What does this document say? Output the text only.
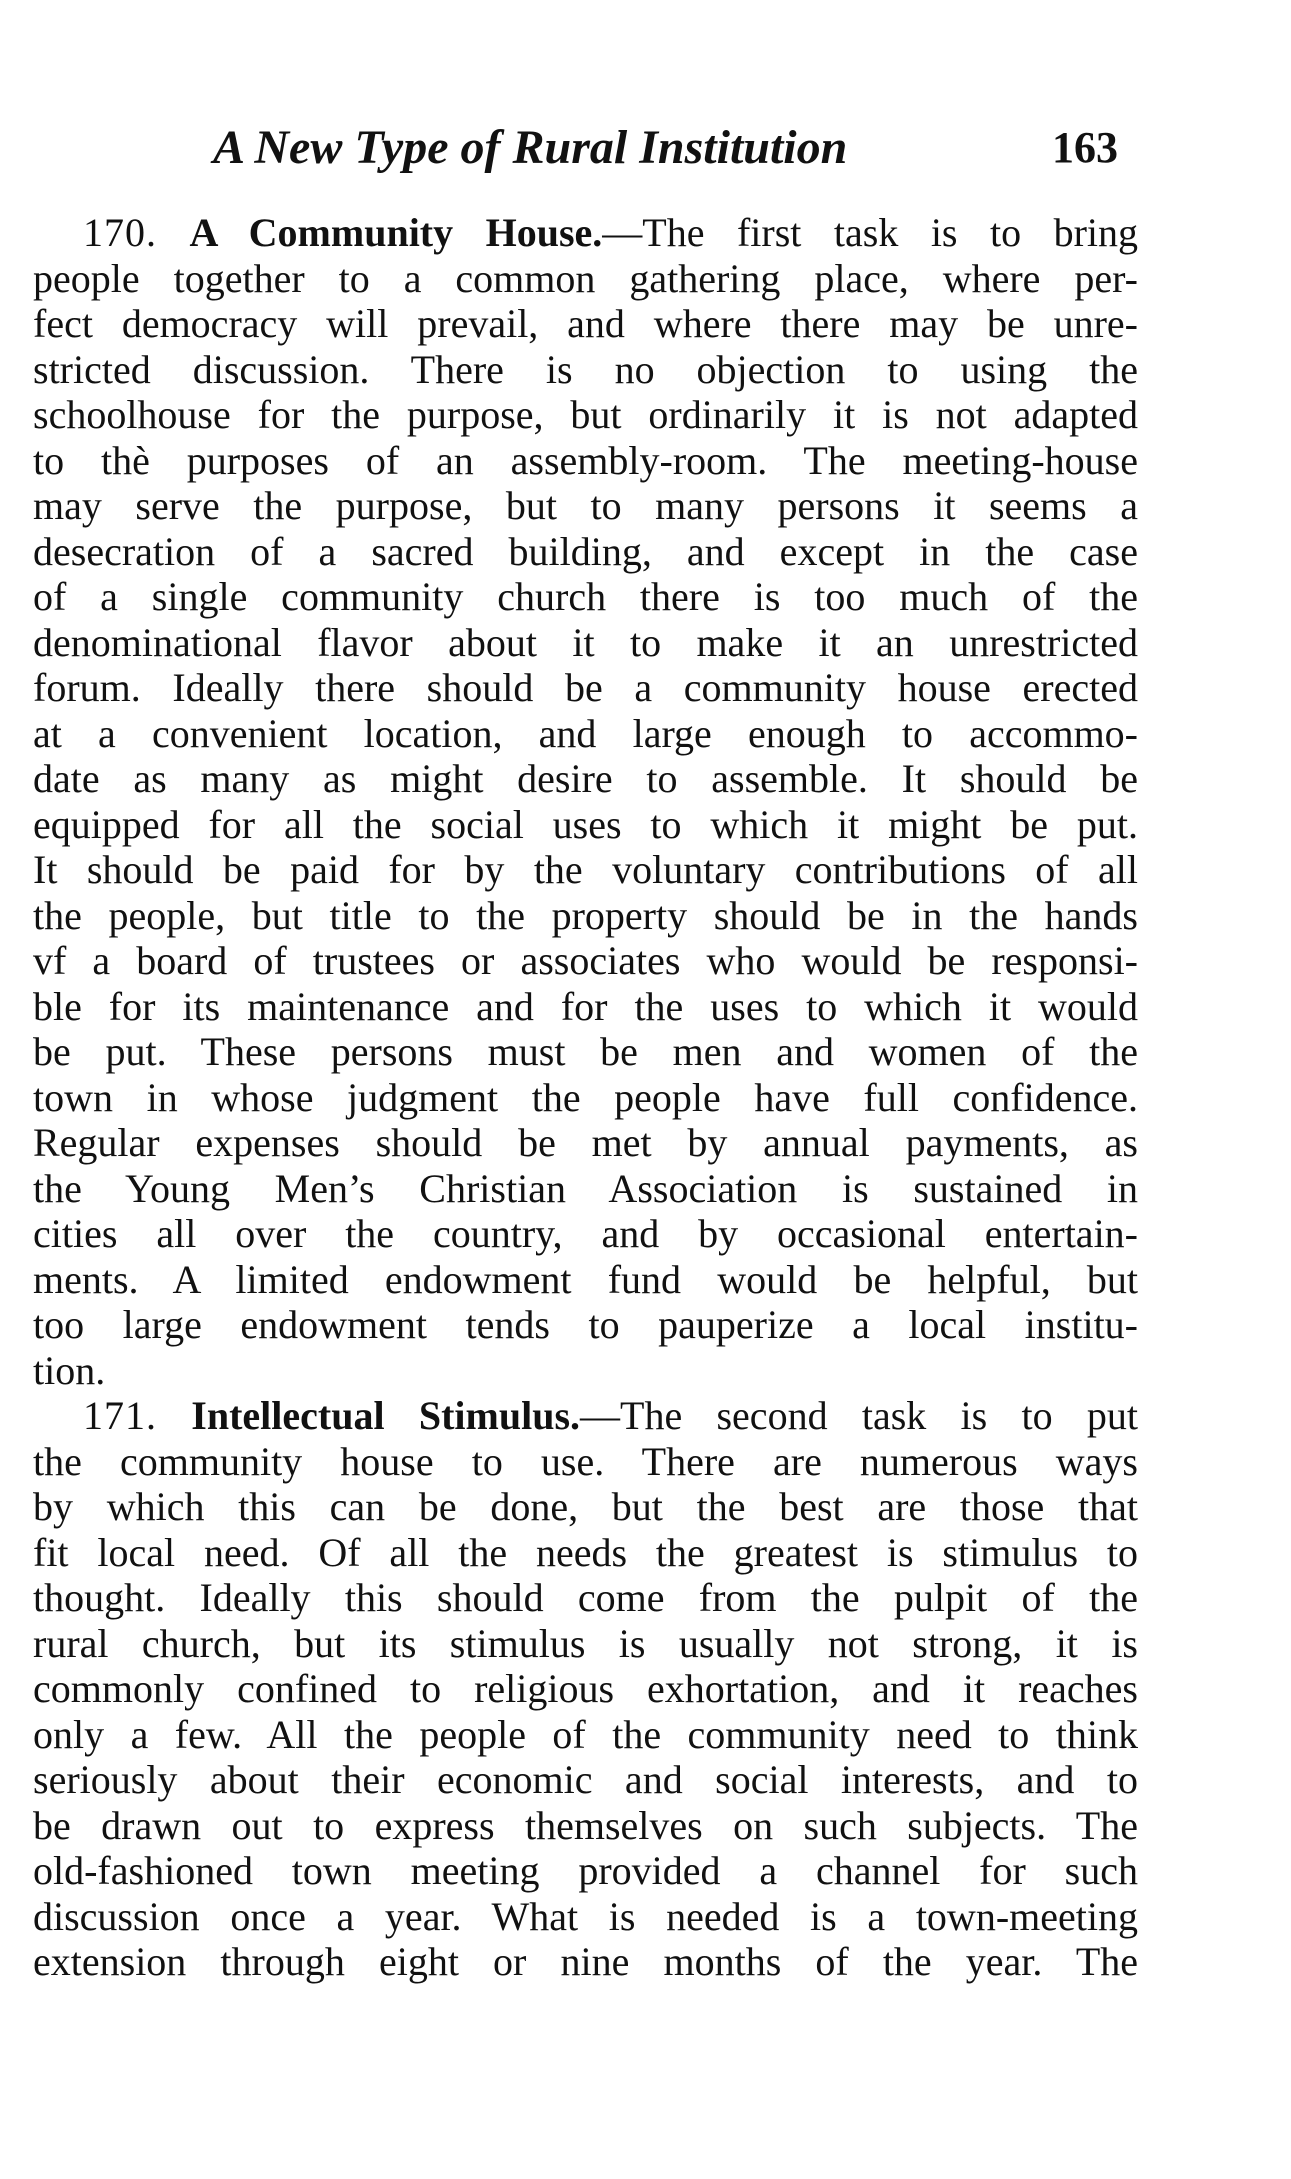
A New Type of Rural Institution	163
170. A Community House.—The first task is to bring
people together to a common gathering place, where per-
fect democracy will prevail, and where there may be unre-
stricted discussion. There is no objection to using the
schoolhouse for the purpose, but ordinarily it is not adapted
to thè purposes of an assembly-room. The meeting-house
may serve the purpose, but to many persons it seems a
desecration of a sacred building, and except in the case
of a single community church there is too much of the
denominational flavor about it to make it an unrestricted
forum. Ideally there should be a community house erected
at a convenient location, and large enough to accommo-
date as many as might desire to assemble. It should be
equipped for all the social uses to which it might be put.
It should be paid for by the voluntary contributions of all
the people, but title to the property should be in the hands
vf a board of trustees or associates who would be responsi-
ble for its maintenance and for the uses to which it would
be put. These persons must be men and women of the
town in whose judgment the people have full confidence.
Regular expenses should be met by annual payments, as
the Young Men’s Christian Association is sustained in
cities all over the country, and by occasional entertain-
ments. A limited endowment fund would be helpful, but
too large endowment tends to pauperize a local institu-
tion.
171. Intellectual Stimulus.—The second task is to put
the community house to use. There are numerous ways
by which this can be done, but the best are those that
fit local need. Of all the needs the greatest is stimulus to
thought. Ideally this should come from the pulpit of the
rural church, but its stimulus is usually not strong, it is
commonly confined to religious exhortation, and it reaches
only a few. All the people of the community need to think
seriously about their economic and social interests, and to
be drawn out to express themselves on such subjects. The
old-fashioned town meeting provided a channel for such
discussion once a year. What is needed is a town-meeting
extension through eight or nine months of the year. The
